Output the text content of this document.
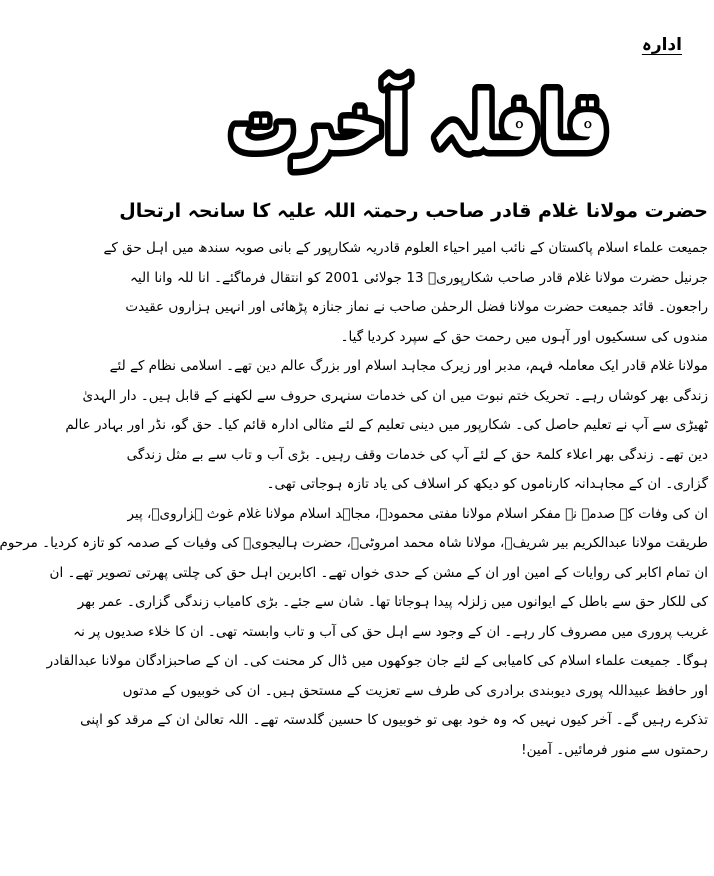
ادارہ
قافلہ آخرت
حضرت مولانا غلام قادر صاحب رحمتہ اللہ علیہ کا سانحہ ارتحال
جمیعت علماء اسلام پاکستان کے نائب امیر احیاء العلوم قادریہ شکارپور کے بانی صوبہ سندھ میں اہل حق کے
جرنیل حضرت مولانا غلام قادر صاحب شکارپوریؒ 13 جولائی 2001 کو انتقال فرماگئے۔ انا للہ وانا الیہ
راجعون۔ قائد جمیعت حضرت مولانا فضل الرحمٰن صاحب نے نماز جنازہ پڑھائی اور انہیں ہزاروں عقیدت
مندوں کی سسکیوں اور آہوں میں رحمت حق کے سپرد کردیا گیا۔
مولانا غلام قادر ایک معاملہ فہم، مدبر اور زیرک مجاہد اسلام اور بزرگ عالم دین تھے۔ اسلامی نظام کے لئے
زندگی بھر کوشاں رہے۔ تحریک ختم نبوت میں ان کی خدمات سنہری حروف سے لکھنے کے قابل ہیں۔ دار الہدیٰ
ٹھیڑی سے آپ نے تعلیم حاصل کی۔ شکارپور میں دینی تعلیم کے لئے مثالی ادارہ قائم کیا۔ حق گو، نڈر اور بہادر عالم
دین تھے۔ زندگی بھر اعلاء کلمۃ حق کے لئے آپ کی خدمات وقف رہیں۔ بڑی آب و تاب سے بے مثل زندگی
گزاری۔ ان کے مجاہدانہ کارناموں کو دیکھ کر اسلاف کی یاد تازہ ہوجاتی تھی۔
ان کی وفات کے صدمہ نے مفکر اسلام مولانا مفتی محمودؒ، مجاہد اسلام مولانا غلام غوث ہزارویؒ، پیر
طریقت مولانا عبدالکریم بیر شریفؒ، مولانا شاہ محمد امروٹیؒ، حضرت ہالیجویؒ کی وفیات کے صدمہ کو تازہ کردیا۔ مرحوم
ان تمام اکابر کی روایات کے امین اور ان کے مشن کے حدی خواں تھے۔ اکابرین اہل حق کی چلتی پھرتی تصویر تھے۔ ان
کی للکار حق سے باطل کے ایوانوں میں زلزلہ پیدا ہوجاتا تھا۔ شان سے جئے۔ بڑی کامیاب زندگی گزاری۔ عمر بھر
غریب پروری میں مصروف کار رہے۔ ان کے وجود سے اہل حق کی آب و تاب وابستہ تھی۔ ان کا خلاء صدیوں پر نہ
ہوگا۔ جمیعت علماء اسلام کی کامیابی کے لئے جان جوکھوں میں ڈال کر محنت کی۔ ان کے صاحبزادگان مولانا عبدالقادر
اور حافظ عبیداللہ پوری دیوبندی برادری کی طرف سے تعزیت کے مستحق ہیں۔ ان کی خوبیوں کے مدتوں
تذکرے رہیں گے۔ آخر کیوں نہیں کہ وہ خود بھی تو خوبیوں کا حسین گلدستہ تھے۔ اللہ تعالیٰ ان کے مرقد کو اپنی
رحمتوں سے منور فرمائیں۔ آمین!
